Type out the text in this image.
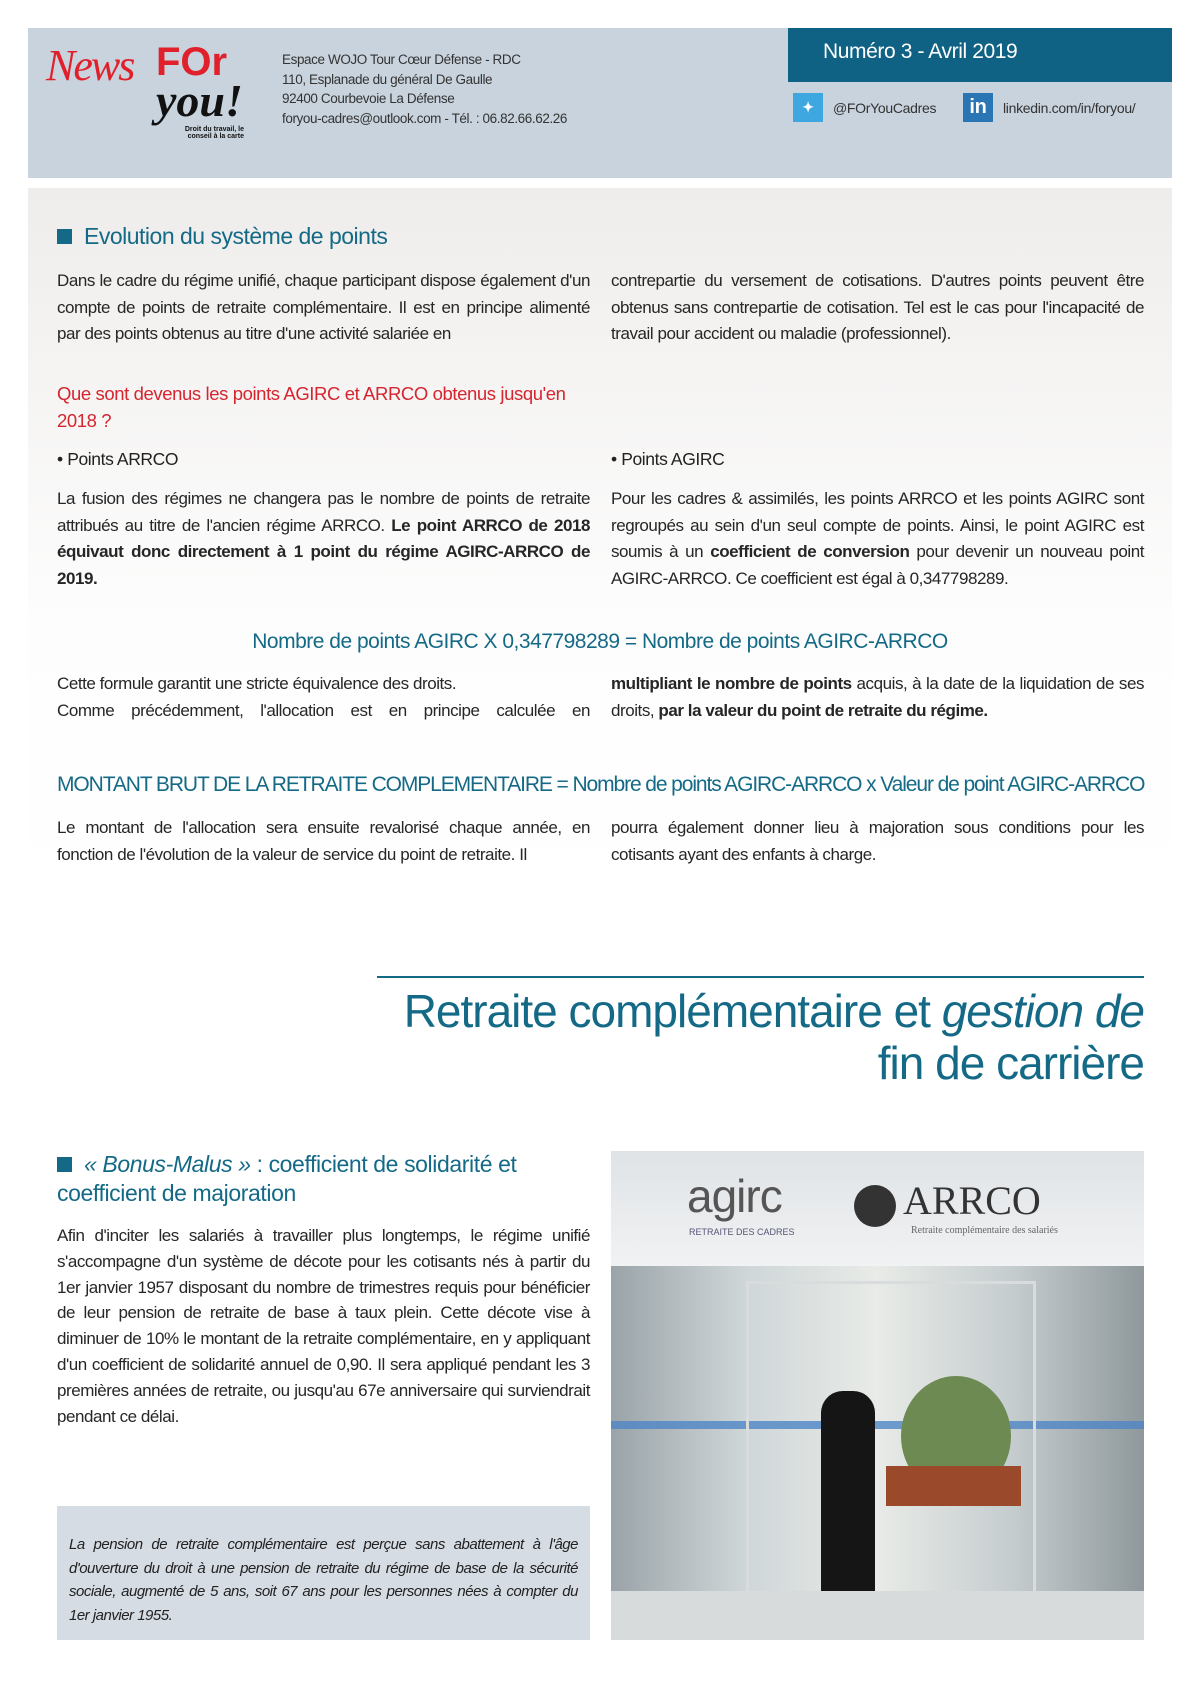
News FOr
you!
Droit du travail, le conseil à la carte
Espace WOJO Tour Cœur Défense - RDC
110, Esplanade du général De Gaulle
92400 Courbevoie La Défense
foryou-cadres@outlook.com - Tél. : 06.82.66.62.26
Numéro 3 - Avril 2019
✦	@FOrYouCadres	in	linkedin.com/in/foryou/
Evolution du système de points
Dans le cadre du régime unifié, chaque participant dispose également d'un compte de points de retraite complémentaire. Il est en principe alimenté par des points obtenus au titre d'une activité salariée en
contrepartie du versement de cotisations. D'autres points peuvent être obtenus sans contrepartie de cotisation. Tel est le cas pour l'incapacité de travail pour accident ou maladie (professionnel).
Que sont devenus les points AGIRC et ARRCO obtenus jusqu'en 2018 ?
• Points ARRCO	• Points AGIRC
La fusion des régimes ne changera pas le nombre de points de retraite attribués au titre de l'ancien régime ARRCO. Le point ARRCO de 2018 équivaut donc directement à 1 point du régime AGIRC-ARRCO de 2019.
Pour les cadres & assimilés, les points ARRCO et les points AGIRC sont regroupés au sein d'un seul compte de points. Ainsi, le point AGIRC est soumis à un coefficient de conversion pour devenir un nouveau point AGIRC-ARRCO. Ce coefficient est égal à 0,347798289.
Nombre de points AGIRC X 0,347798289 = Nombre de points AGIRC-ARRCO
Cette formule garantit une stricte équivalence des droits.
Comme précédemment, l'allocation est en principe calculée en
multipliant le nombre de points acquis, à la date de la liquidation de ses droits, par la valeur du point de retraite du régime.
MONTANT BRUT DE LA RETRAITE COMPLEMENTAIRE = Nombre de points AGIRC-ARRCO x Valeur de point AGIRC-ARRCO
Le montant de l'allocation sera ensuite revalorisé chaque année, en fonction de l'évolution de la valeur de service du point de retraite. Il
pourra également donner lieu à majoration sous conditions pour les cotisants ayant des enfants à charge.
Retraite complémentaire et gestion de
fin de carrière
« Bonus-Malus » : coefficient de solidarité et coefficient de majoration
Afin d'inciter les salariés à travailler plus longtemps, le régime unifié s'accompagne d'un système de décote pour les cotisants nés à partir du 1er janvier 1957 disposant du nombre de trimestres requis pour bénéficier de leur pension de retraite de base à taux plein. Cette décote vise à diminuer de 10% le montant de la retraite complémentaire, en y appliquant d'un coefficient de solidarité annuel de 0,90. Il sera appliqué pendant les 3 premières années de retraite, ou jusqu'au 67e anniversaire qui surviendrait pendant ce délai.
La pension de retraite complémentaire est perçue sans abattement à l'âge d'ouverture du droit à une pension de retraite du régime de base de la sécurité sociale, augmenté de 5 ans, soit 67 ans pour les personnes nées à compter du 1er janvier 1955.
agirc
RETRAITE DES CADRES
ARRCO
Retraite complémentaire des salariés
